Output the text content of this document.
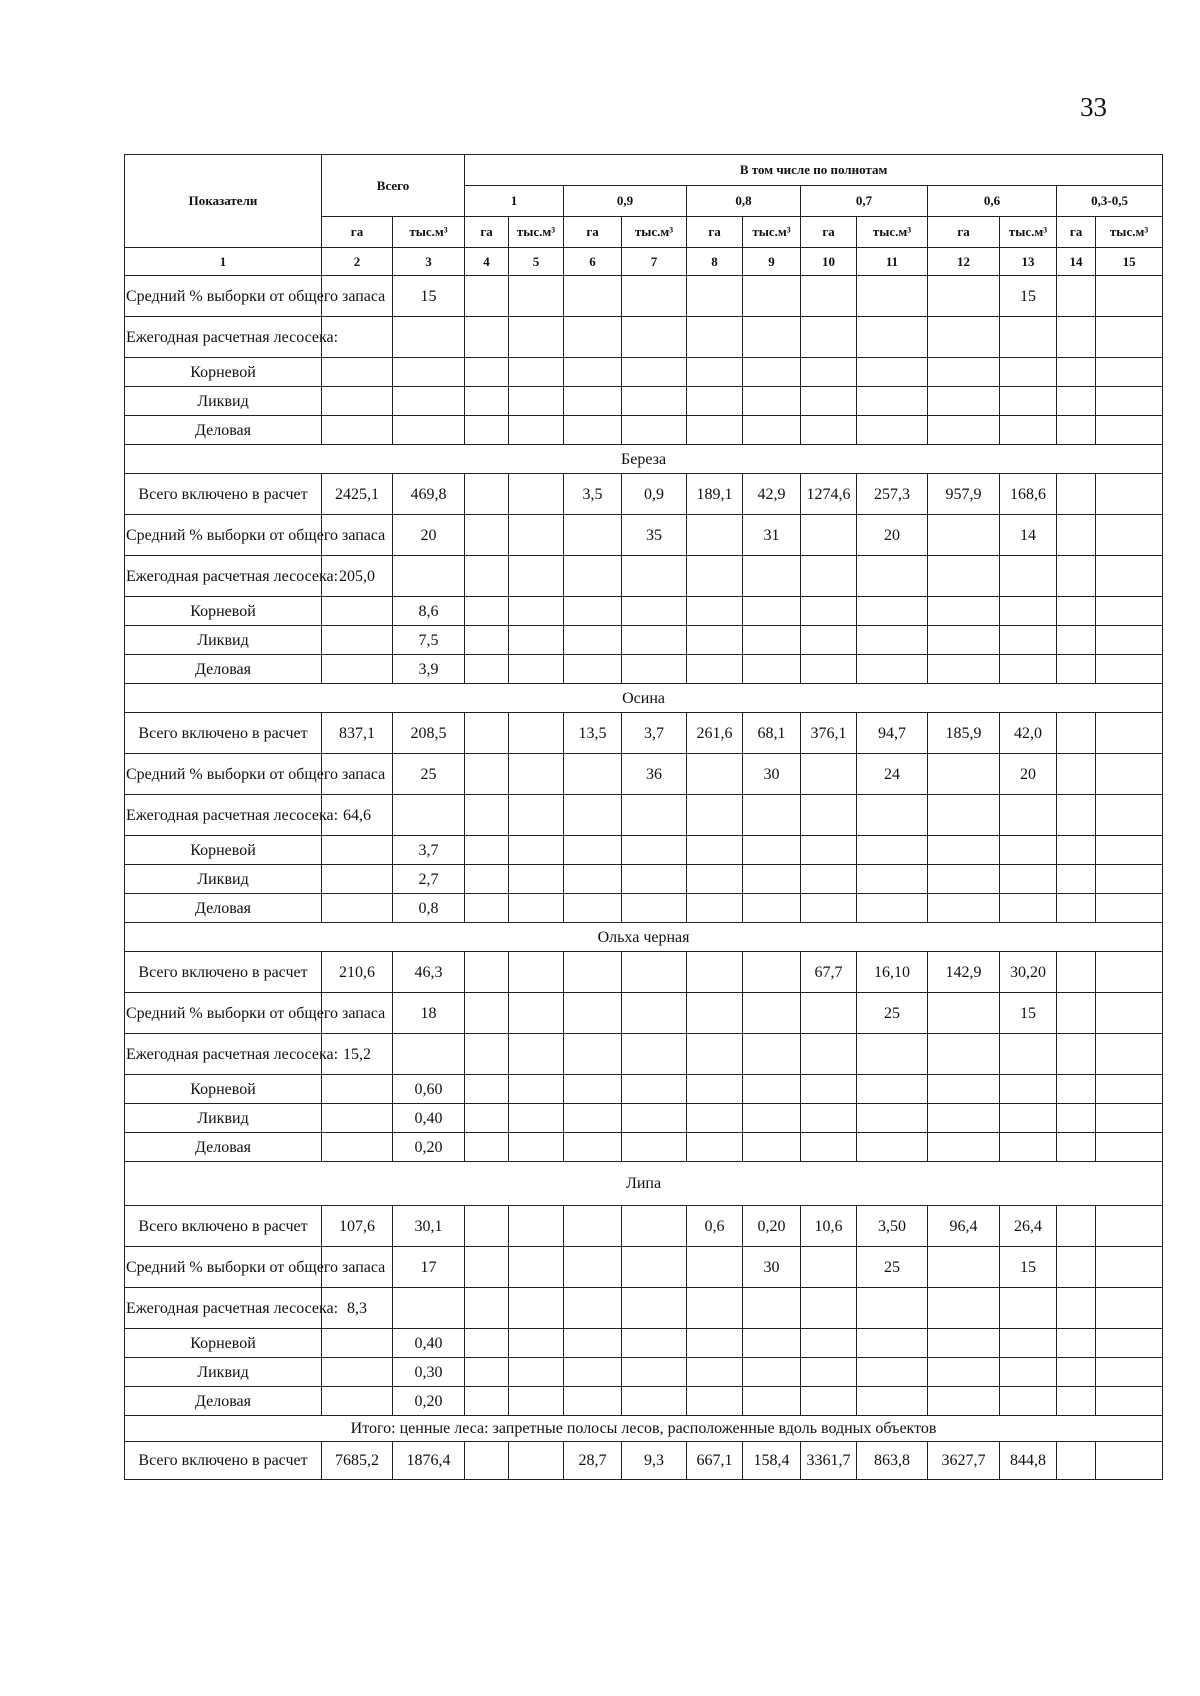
33
Показатели	Всего		В том числе по полнотам											
			1		0,9		0,8		0,7		0,6		0,3-0,5	
	га	тыс.м³	га	тыс.м³	га	тыс.м³	га	тыс.м³	га	тыс.м³	га	тыс.м³	га	тыс.м³
1	2	3	4	5	6	7	8	9	10	11	12	13	14	15
Средний % выборки от общего запаса		15										15		
Ежегодная расчетная лесосека:														
Корневой														
Ликвид														
Деловая														
Береза														
Всего включено в расчет	2425,1	469,8			3,5	0,9	189,1	42,9	1274,6	257,3	957,9	168,6		
Средний % выборки от общего запаса		20				35		31		20		14		
Ежегодная расчетная лесосека:	205,0													
Корневой		8,6												
Ликвид		7,5												
Деловая		3,9												
Осина														
Всего включено в расчет	837,1	208,5			13,5	3,7	261,6	68,1	376,1	94,7	185,9	42,0		
Средний % выборки от общего запаса		25				36		30		24		20		
Ежегодная расчетная лесосека:	64,6													
Корневой		3,7												
Ликвид		2,7												
Деловая		0,8												
Ольха черная														
Всего включено в расчет	210,6	46,3							67,7	16,10	142,9	30,20		
Средний % выборки от общего запаса		18								25		15		
Ежегодная расчетная лесосека:	15,2													
Корневой		0,60												
Ликвид		0,40												
Деловая		0,20												
Липа														
Всего включено в расчет	107,6	30,1					0,6	0,20	10,6	3,50	96,4	26,4		
Средний % выборки от общего запаса		17						30		25		15		
Ежегодная расчетная лесосека:	8,3													
Корневой		0,40												
Ликвид		0,30												
Деловая		0,20												
Итого: ценные леса: запретные полосы лесов, расположенные вдоль водных объектов														
Всего включено в расчет	7685,2	1876,4			28,7	9,3	667,1	158,4	3361,7	863,8	3627,7	844,8		
